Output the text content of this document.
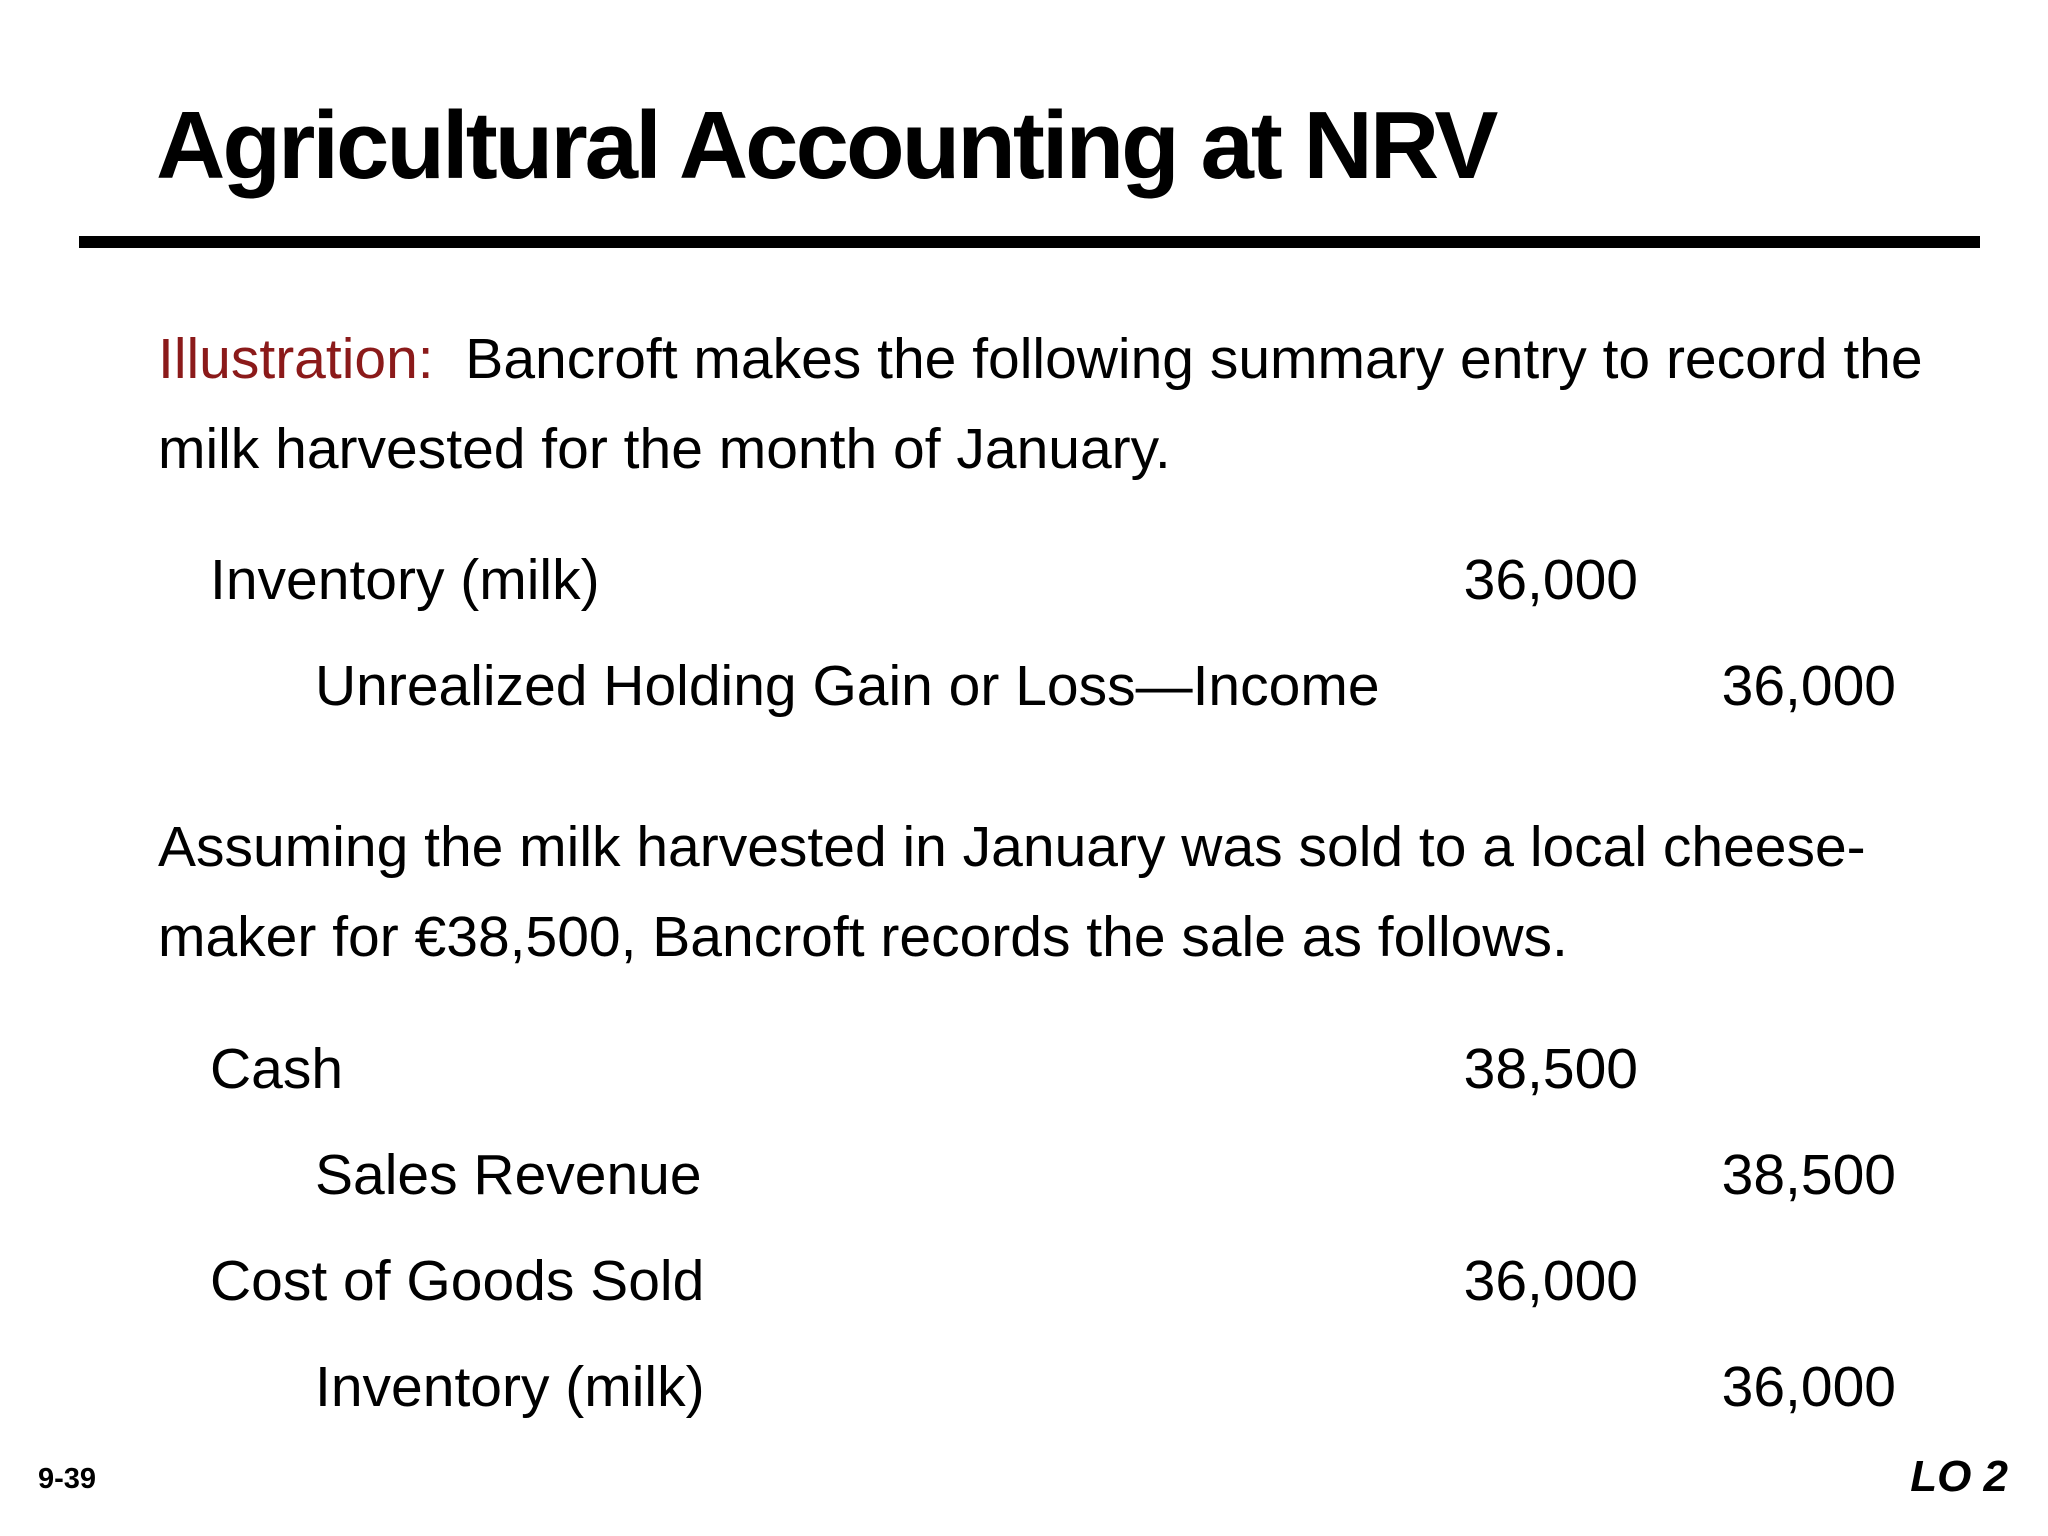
Agricultural Accounting at NRV

Illustration:  Bancroft makes the following summary entry to record the milk harvested for the month of January.

Inventory (milk)	36,000
Unrealized Holding Gain or Loss—Income	36,000

Assuming the milk harvested in January was sold to a local cheese-maker for €38,500, Bancroft records the sale as follows.

Cash	38,500
Sales Revenue	38,500
Cost of Goods Sold	36,000
Inventory (milk)	36,000
9-39	LO 2
